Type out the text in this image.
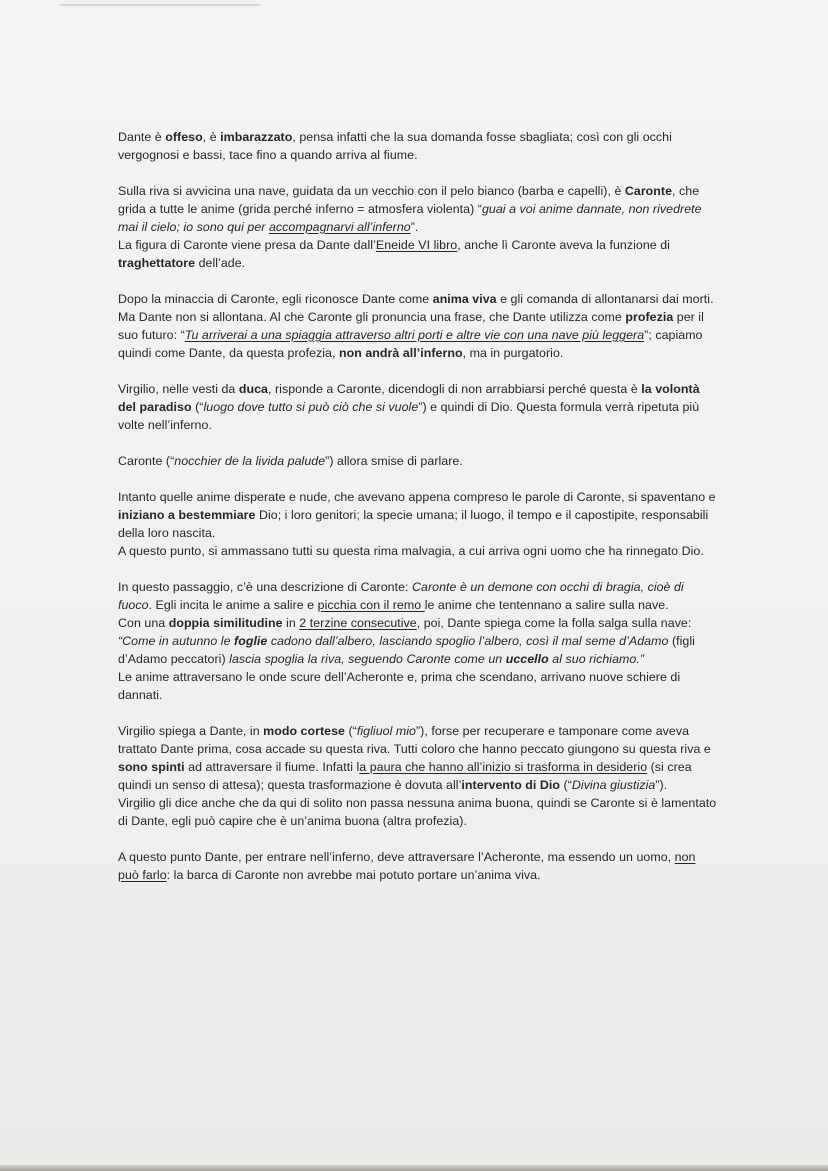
Dante è offeso, è imbarazzato, pensa infatti che la sua domanda fosse sbagliata; così con gli occhi vergognosi e bassi, tace fino a quando arriva al fiume.

Sulla riva si avvicina una nave, guidata da un vecchio con il pelo bianco (barba e capelli), è Caronte, che grida a tutte le anime (grida perché inferno = atmosfera violenta) “guai a voi anime dannate, non rivedrete mai il cielo; io sono qui per accompagnarvi all’inferno”.
La figura di Caronte viene presa da Dante dall’Eneide VI libro, anche lì Caronte aveva la funzione di traghettatore dell’ade.

Dopo la minaccia di Caronte, egli riconosce Dante come anima viva e gli comanda di allontanarsi dai morti. Ma Dante non si allontana. Al che Caronte gli pronuncia una frase, che Dante utilizza come profezia per il suo futuro: “Tu arriverai a una spiaggia attraverso altri porti e altre vie con una nave più leggera”; capiamo quindi come Dante, da questa profezia, non andrà all’inferno, ma in purgatorio.

Virgilio, nelle vesti da duca, risponde a Caronte, dicendogli di non arrabbiarsi perché questa è la volontà del paradiso (“luogo dove tutto si può ciò che si vuole”) e quindi di Dio. Questa formula verrà ripetuta più volte nell’inferno.

Caronte (“nocchier de la livida palude”) allora smise di parlare.

Intanto quelle anime disperate e nude, che avevano appena compreso le parole di Caronte, si spaventano e iniziano a bestemmiare Dio; i loro genitori; la specie umana; il luogo, il tempo e il capostipite, responsabili della loro nascita.
A questo punto, si ammassano tutti su questa rima malvagia, a cui arriva ogni uomo che ha rinnegato Dio.

In questo passaggio, c’è una descrizione di Caronte: Caronte è un demone con occhi di bragia, cioè di fuoco. Egli incita le anime a salire e picchia con il remo le anime che tentennano a salire sulla nave.
Con una doppia similitudine in 2 terzine consecutive, poi, Dante spiega come la folla salga sulla nave:
“Come in autunno le foglie cadono dall’albero, lasciando spoglio l’albero, così il mal seme d’Adamo (figli d’Adamo peccatori) lascia spoglia la riva, seguendo Caronte come un uccello al suo richiamo.”
Le anime attraversano le onde scure dell’Acheronte e, prima che scendano, arrivano nuove schiere di dannati.

Virgilio spiega a Dante, in modo cortese (“figliuol mio”), forse per recuperare e tamponare come aveva trattato Dante prima, cosa accade su questa riva. Tutti coloro che hanno peccato giungono su questa riva e sono spinti ad attraversare il fiume. Infatti la paura che hanno all’inizio si trasforma in desiderio (si crea quindi un senso di attesa); questa trasformazione è dovuta all’intervento di Dio (“Divina giustizia”).
Virgilio gli dice anche che da qui di solito non passa nessuna anima buona, quindi se Caronte si è lamentato di Dante, egli può capire che è un’anima buona (altra profezia).

A questo punto Dante, per entrare nell’inferno, deve attraversare l’Acheronte, ma essendo un uomo, non può farlo: la barca di Caronte non avrebbe mai potuto portare un’anima viva.
